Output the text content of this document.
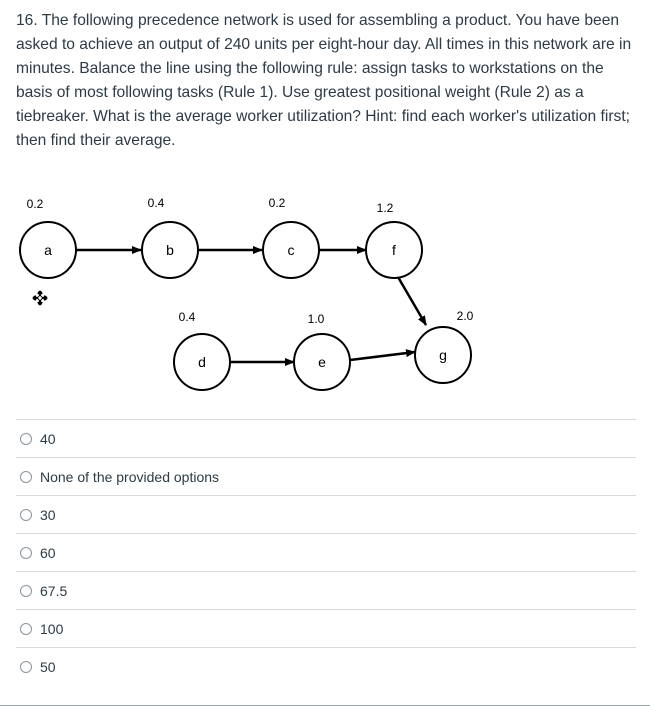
16. The following precedence network is used for assembling a product. You have been asked to achieve an output of 240 units per eight-hour day. All times in this network are in minutes. Balance the line using the following rule: assign tasks to workstations on the basis of most following tasks (Rule 1). Use greatest positional weight (Rule 2) as a tiebreaker. What is the average worker utilization? Hint: find each worker's utilization first; then find their average.

a
0.2
b
0.4
c
0.2
f
1.2
d
0.4
e
1.0
g
2.0
40
None of the provided options
30
60
67.5
100
50
